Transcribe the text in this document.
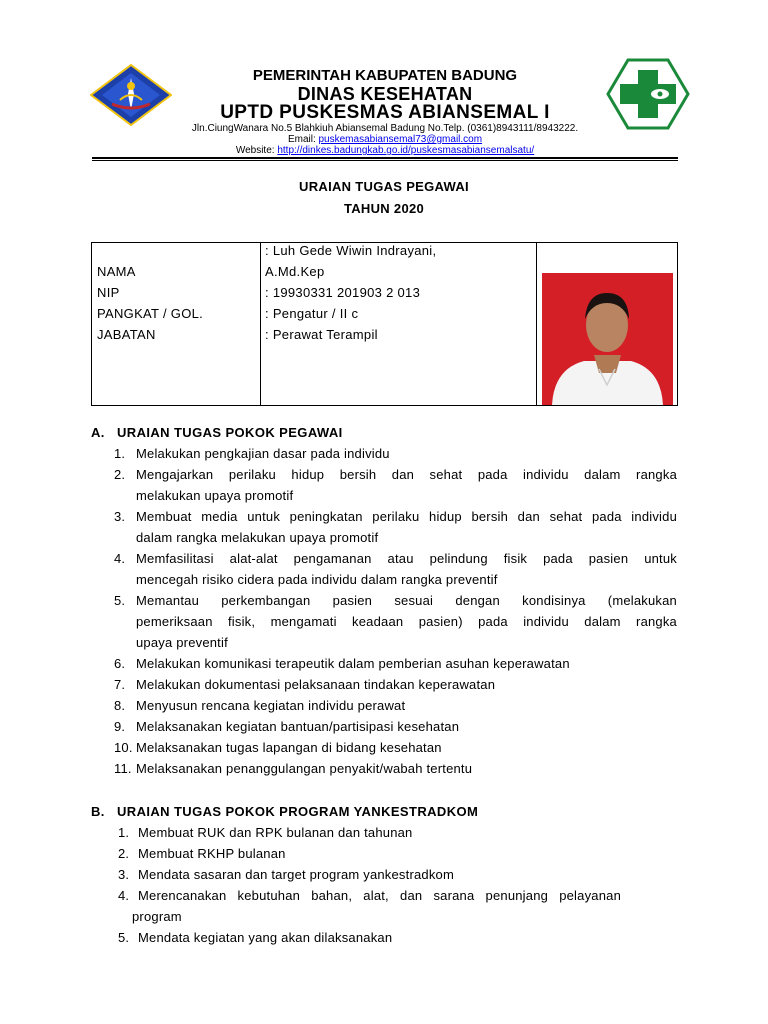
PEMERINTAH KABUPATEN BADUNG
DINAS KESEHATAN
UPTD PUSKESMAS ABIANSEMAL I
Jln.CiungWanara No.5 Blahkiuh Abiansemal Badung No.Telp. (0361)8943111/8943222.
Email: puskemasabiansemal73@gmail.com
Website: http://dinkes.badungkab.go.id/puskesmasabiansemalsatu/
URAIAN TUGAS PEGAWAI
TAHUN 2020
NAMA
NIP
PANGKAT / GOL.
JABATAN
: Luh Gede Wiwin Indrayani,
A.Md.Kep
: 19930331 201903 2 013
: Pengatur / II c
: Perawat Terampil
A. URAIAN TUGAS POKOK PEGAWAI
1. Melakukan pengkajian dasar pada individu
2. Mengajarkan perilaku hidup bersih dan sehat pada individu dalam rangka
melakukan upaya promotif
3. Membuat media untuk peningkatan perilaku hidup bersih dan sehat pada individu
dalam rangka melakukan upaya promotif
4. Memfasilitasi alat-alat pengamanan atau pelindung fisik pada pasien untuk
mencegah risiko cidera pada individu dalam rangka preventif
5. Memantau perkembangan pasien sesuai dengan kondisinya (melakukan
pemeriksaan fisik, mengamati keadaan pasien) pada individu dalam rangka
upaya preventif
6. Melakukan komunikasi terapeutik dalam pemberian asuhan keperawatan
7. Melakukan dokumentasi pelaksanaan tindakan keperawatan
8. Menyusun rencana kegiatan individu perawat
9. Melaksanakan kegiatan bantuan/partisipasi kesehatan
10. Melaksanakan tugas lapangan di bidang kesehatan
11. Melaksanakan penanggulangan penyakit/wabah tertentu
B. URAIAN TUGAS POKOK PROGRAM YANKESTRADKOM
1. Membuat RUK dan RPK bulanan dan tahunan
2. Membuat RKHP bulanan
3. Mendata sasaran dan target program yankestradkom
4. Merencanakan kebutuhan bahan, alat, dan sarana penunjang pelayanan
program
5. Mendata kegiatan yang akan dilaksanakan
